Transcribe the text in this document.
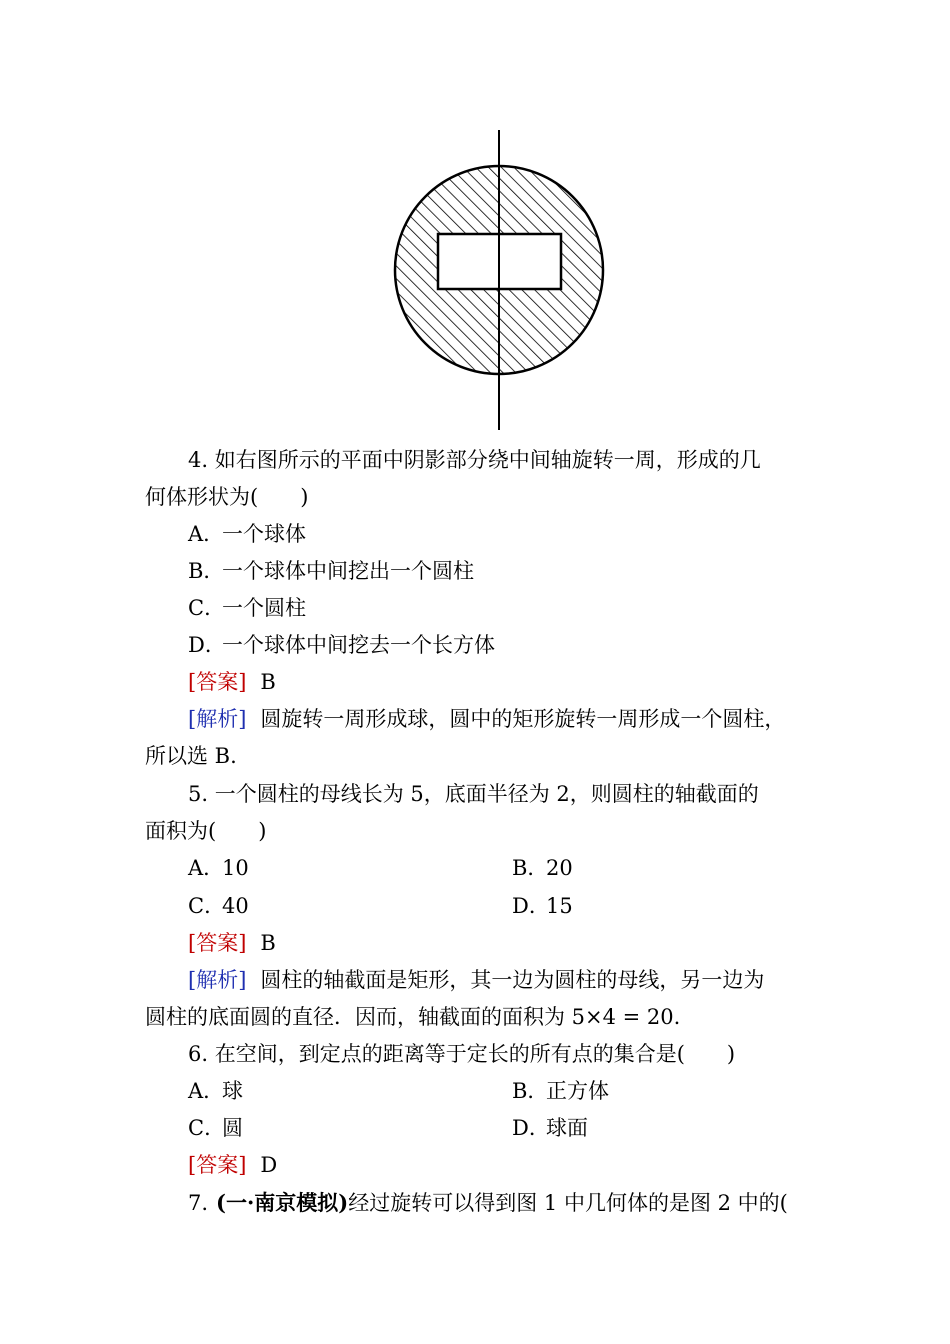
4. 如右图所示的平面中阴影部分绕中间轴旋转一周，形成的几
何体形状为(　　)
A．一个球体
B．一个球体中间挖出一个圆柱
C．一个圆柱
D．一个球体中间挖去一个长方体
[答案] B
[解析] 圆旋转一周形成球，圆中的矩形旋转一周形成一个圆柱，
所以选 B.
5. 一个圆柱的母线长为 5，底面半径为 2，则圆柱的轴截面的
面积为(　　)
A．10	B．20
C．40	D．15
[答案] B
[解析] 圆柱的轴截面是矩形，其一边为圆柱的母线，另一边为
圆柱的底面圆的直径．因而，轴截面的面积为 5×4 = 20.
6. 在空间，到定点的距离等于定长的所有点的集合是(　　)
A．球	B．正方体
C．圆	D．球面
[答案] D
7. (一·南京模拟)经过旋转可以得到图 1 中几何体的是图 2 中的(
